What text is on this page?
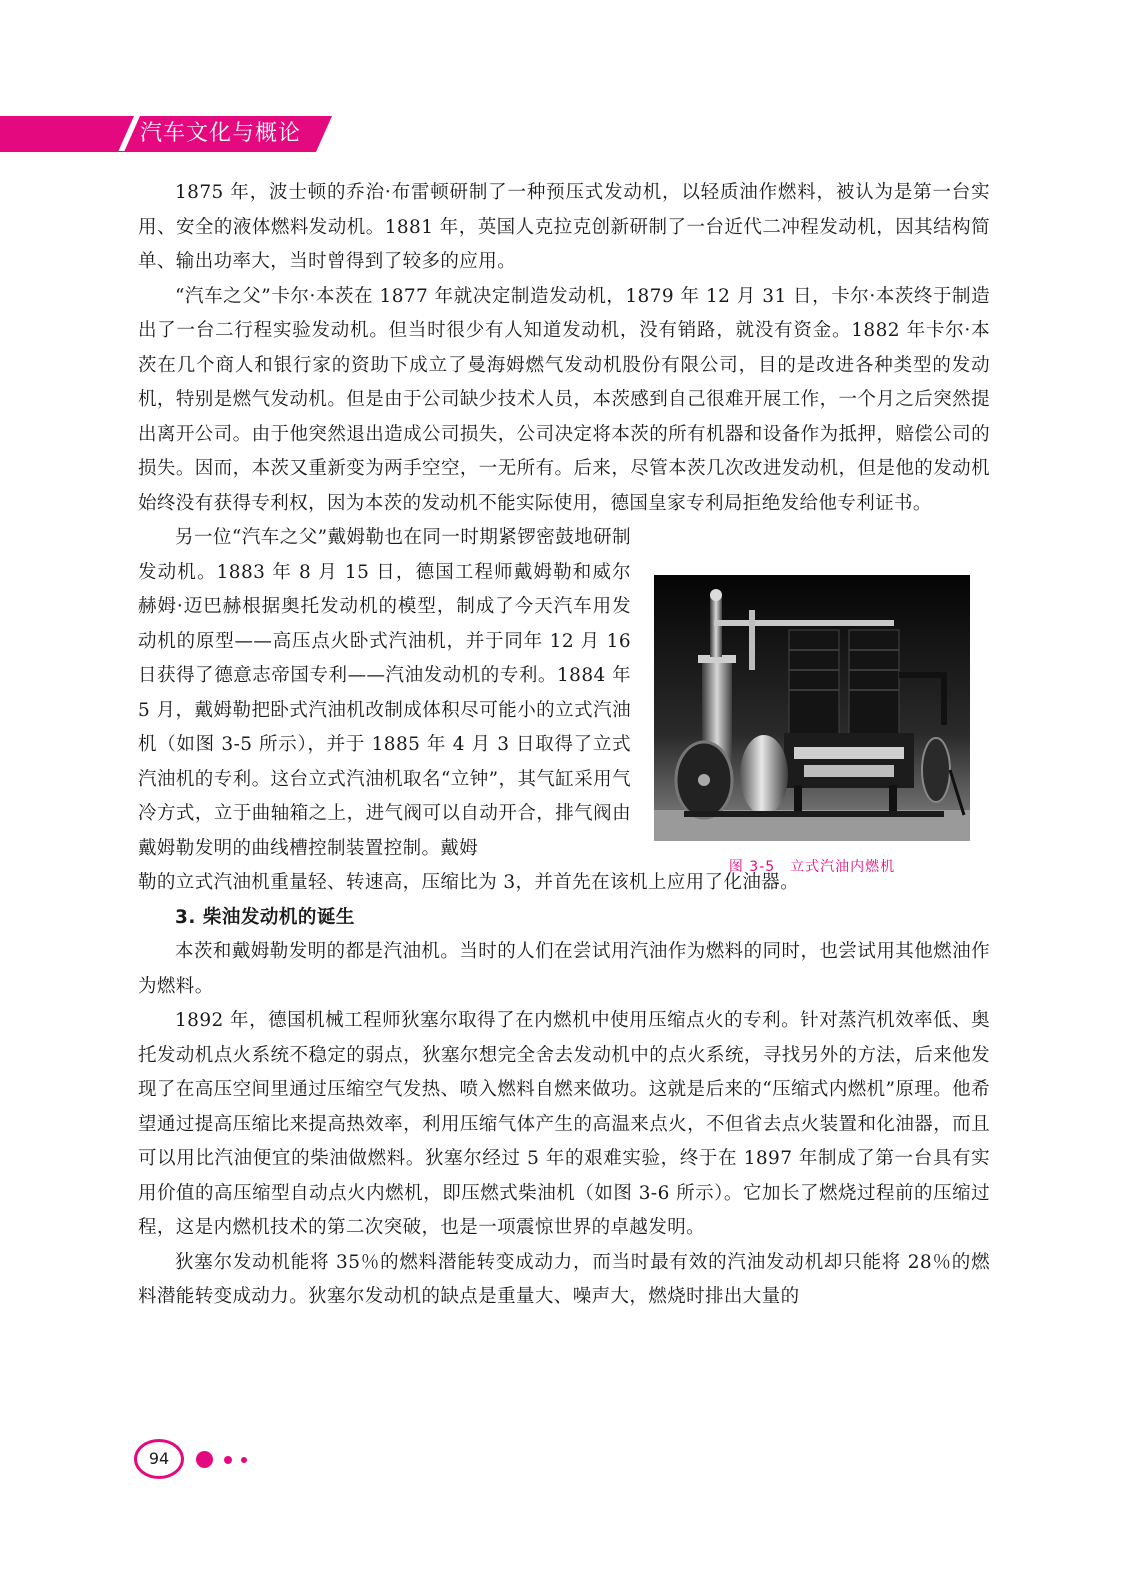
汽车文化与概论

1875 年，波士顿的乔治·布雷顿研制了一种预压式发动机，以轻质油作燃料，被认为是第一台实用、安全的液体燃料发动机。1881 年，英国人克拉克创新研制了一台近代二冲程发动机，因其结构简单、输出功率大，当时曾得到了较多的应用。

“汽车之父”卡尔·本茨在 1877 年就决定制造发动机，1879 年 12 月 31 日，卡尔·本茨终于制造出了一台二行程实验发动机。但当时很少有人知道发动机，没有销路，就没有资金。1882 年卡尔·本茨在几个商人和银行家的资助下成立了曼海姆燃气发动机股份有限公司，目的是改进各种类型的发动机，特别是燃气发动机。但是由于公司缺少技术人员，本茨感到自己很难开展工作，一个月之后突然提出离开公司。由于他突然退出造成公司损失，公司决定将本茨的所有机器和设备作为抵押，赔偿公司的损失。因而，本茨又重新变为两手空空，一无所有。后来，尽管本茨几次改进发动机，但是他的发动机始终没有获得专利权，因为本茨的发动机不能实际使用，德国皇家专利局拒绝发给他专利证书。

另一位“汽车之父”戴姆勒也在同一时期紧锣密鼓地研制发动机。1883 年 8 月 15 日，德国工程师戴姆勒和威尔赫姆·迈巴赫根据奥托发动机的模型，制成了今天汽车用发动机的原型——高压点火卧式汽油机，并于同年 12 月 16 日获得了德意志帝国专利——汽油发动机的专利。1884 年 5 月，戴姆勒把卧式汽油机改制成体积尽可能小的立式汽油机（如图 3-5 所示），并于 1885 年 4 月 3 日取得了立式汽油机的专利。这台立式汽油机取名“立钟”，其气缸采用气冷方式，立于曲轴箱之上，进气阀可以自动开合，排气阀由戴姆勒发明的曲线槽控制装置控制。戴姆

勒的立式汽油机重量轻、转速高，压缩比为 3，并首先在该机上应用了化油器。

3. 柴油发动机的诞生

本茨和戴姆勒发明的都是汽油机。当时的人们在尝试用汽油作为燃料的同时，也尝试用其他燃油作为燃料。

1892 年，德国机械工程师狄塞尔取得了在内燃机中使用压缩点火的专利。针对蒸汽机效率低、奥托发动机点火系统不稳定的弱点，狄塞尔想完全舍去发动机中的点火系统，寻找另外的方法，后来他发现了在高压空间里通过压缩空气发热、喷入燃料自燃来做功。这就是后来的“压缩式内燃机”原理。他希望通过提高压缩比来提高热效率，利用压缩气体产生的高温来点火，不但省去点火装置和化油器，而且可以用比汽油便宜的柴油做燃料。狄塞尔经过 5 年的艰难实验，终于在 1897 年制成了第一台具有实用价值的高压缩型自动点火内燃机，即压燃式柴油机（如图 3-6 所示）。它加长了燃烧过程前的压缩过程，这是内燃机技术的第二次突破，也是一项震惊世界的卓越发明。

狄塞尔发动机能将 35％的燃料潜能转变成动力，而当时最有效的汽油发动机却只能将 28％的燃料潜能转变成动力。狄塞尔发动机的缺点是重量大、噪声大，燃烧时排出大量的

图 3-5　立式汽油内燃机
94
